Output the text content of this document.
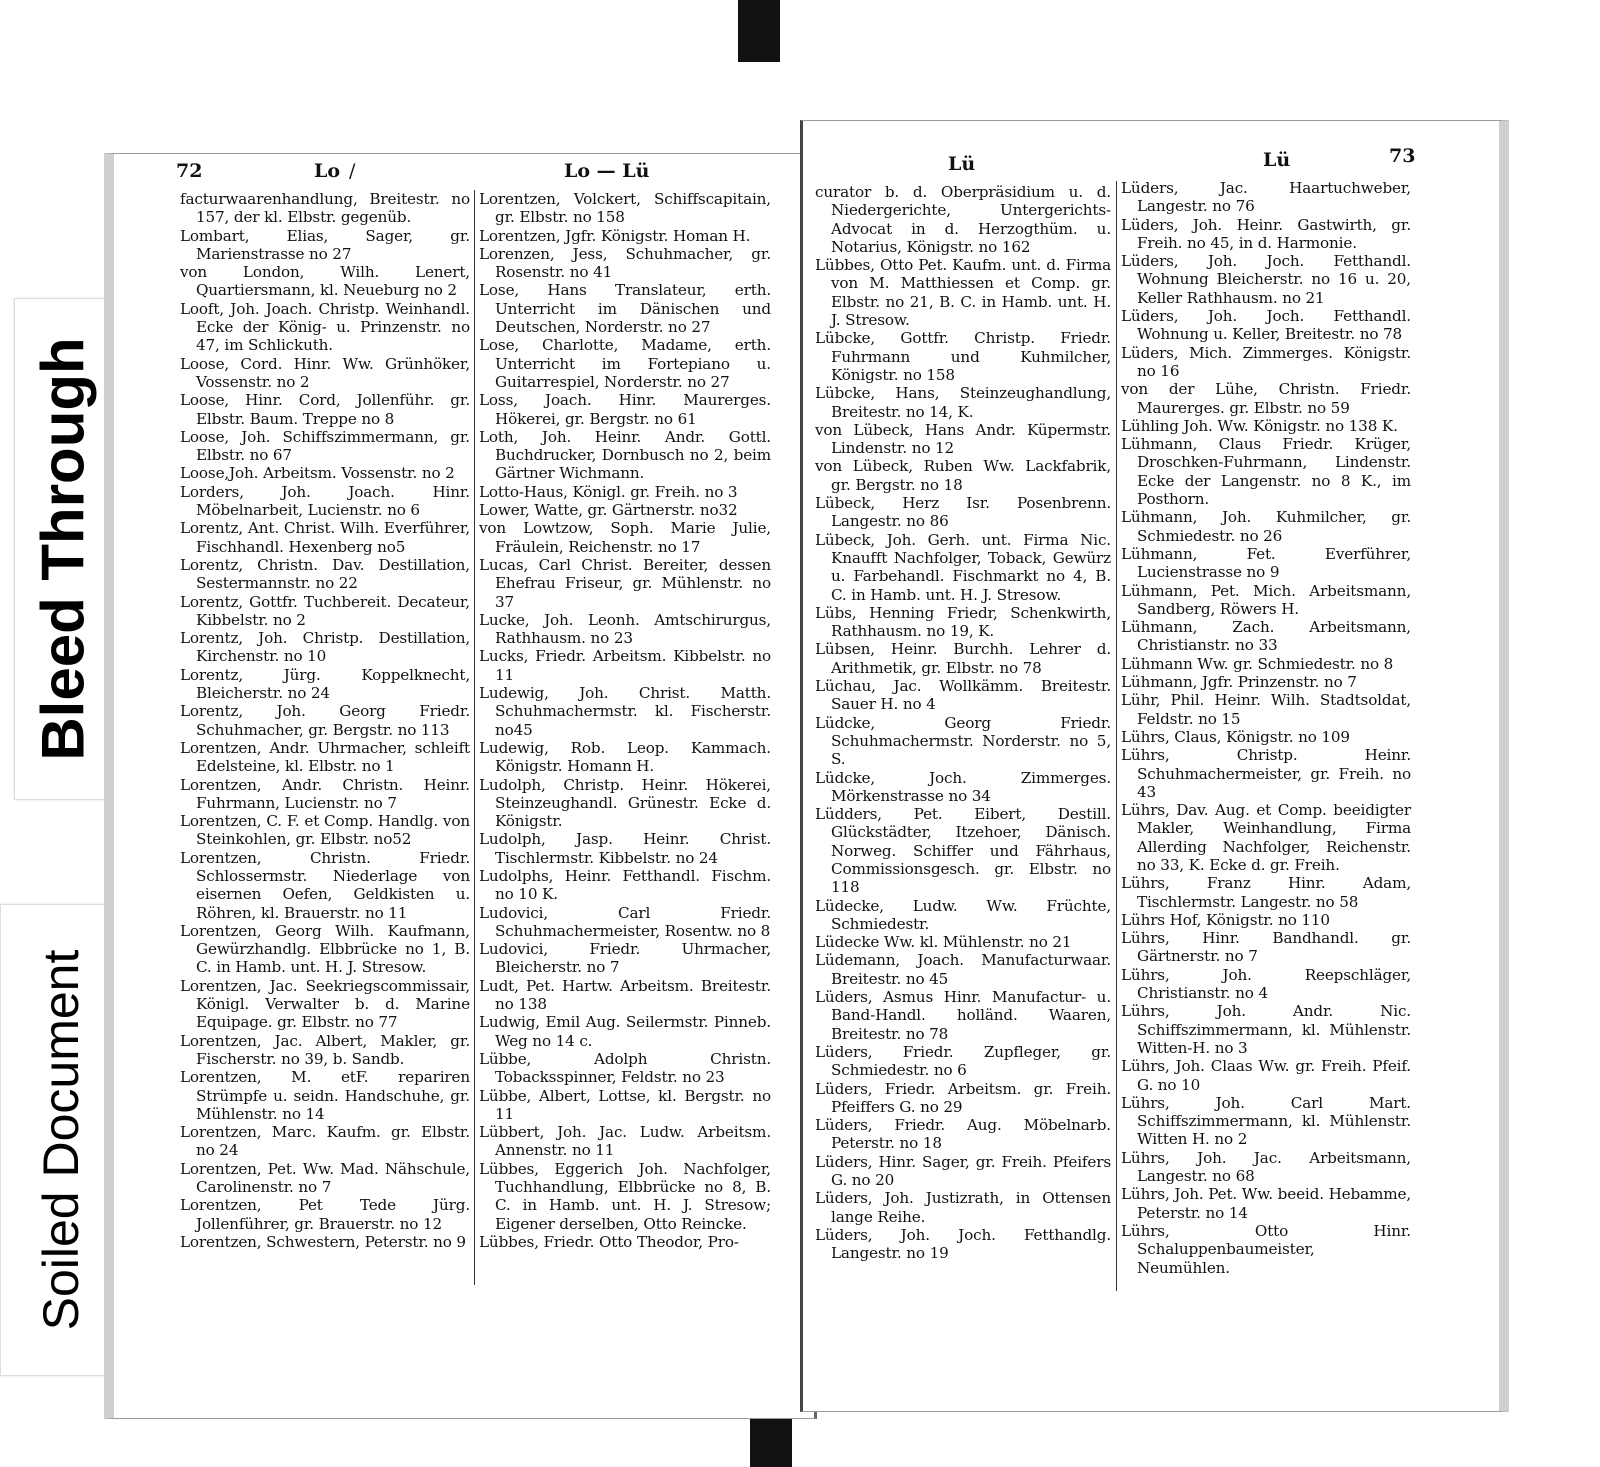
Bleed Through
Soiled Document
72	Lo /	Lo — Lü

facturwaarenhandlung, Breitestr. no 157, der kl. Elbstr. gegenüb.

Lombart, Elias, Sager, gr. Marienstrasse no 27

von London, Wilh. Lenert, Quartiersmann, kl. Neueburg no 2

Looft, Joh. Joach. Christp. Weinhandl. Ecke der König- u. Prinzenstr. no 47, im Schlickuth.

Loose, Cord. Hinr. Ww. Grünhöker, Vossenstr. no 2

Loose, Hinr. Cord, Jollenführ. gr. Elbstr. Baum. Treppe no 8

Loose, Joh. Schiffszimmermann, gr. Elbstr. no 67

Loose,Joh. Arbeitsm. Vossenstr. no 2

Lorders, Joh. Joach. Hinr. Möbelnarbeit, Lucienstr. no 6

Lorentz, Ant. Christ. Wilh. Everführer, Fischhandl. Hexenberg no5

Lorentz, Christn. Dav. Destillation, Sestermannstr. no 22

Lorentz, Gottfr. Tuchbereit. Decateur, Kibbelstr. no 2

Lorentz, Joh. Christp. Destillation, Kirchenstr. no 10

Lorentz, Jürg. Koppelknecht, Bleicherstr. no 24

Lorentz, Joh. Georg Friedr. Schuhmacher, gr. Bergstr. no 113

Lorentzen, Andr. Uhrmacher, schleift Edelsteine, kl. Elbstr. no 1

Lorentzen, Andr. Christn. Heinr. Fuhrmann, Lucienstr. no 7

Lorentzen, C. F. et Comp. Handlg. von Steinkohlen, gr. Elbstr. no52

Lorentzen, Christn. Friedr. Schlossermstr. Niederlage von eisernen Oefen, Geldkisten u. Röhren, kl. Brauerstr. no 11

Lorentzen, Georg Wilh. Kaufmann, Gewürzhandlg. Elbbrücke no 1, B. C. in Hamb. unt. H. J. Stresow.

Lorentzen, Jac. Seekriegscommissair, Königl. Verwalter b. d. Marine Equipage. gr. Elbstr. no 77

Lorentzen, Jac. Albert, Makler, gr. Fischerstr. no 39, b. Sandb.

Lorentzen, M. etF. repariren Strümpfe u. seidn. Handschuhe, gr. Mühlenstr. no 14

Lorentzen, Marc. Kaufm. gr. Elbstr. no 24

Lorentzen, Pet. Ww. Mad. Nähschule, Carolinenstr. no 7

Lorentzen, Pet Tede Jürg. Jollenführer, gr. Brauerstr. no 12

Lorentzen, Schwestern, Peterstr. no 9

Lorentzen, Volckert, Schiffscapitain, gr. Elbstr. no 158

Lorentzen, Jgfr. Königstr. Homan H.

Lorenzen, Jess, Schuhmacher, gr. Rosenstr. no 41

Lose, Hans Translateur, erth. Unterricht im Dänischen und Deutschen, Norderstr. no 27

Lose, Charlotte, Madame, erth. Unterricht im Fortepiano u. Guitarrespiel, Norderstr. no 27

Loss, Joach. Hinr. Maurerges. Hökerei, gr. Bergstr. no 61

Loth, Joh. Heinr. Andr. Gottl. Buchdrucker, Dornbusch no 2, beim Gärtner Wichmann.

Lotto-Haus, Königl. gr. Freih. no 3

Lower, Watte, gr. Gärtnerstr. no32

von Lowtzow, Soph. Marie Julie, Fräulein, Reichenstr. no 17

Lucas, Carl Christ. Bereiter, dessen Ehefrau Friseur, gr. Mühlenstr. no 37

Lucke, Joh. Leonh. Amtschirurgus, Rathhausm. no 23

Lucks, Friedr. Arbeitsm. Kibbelstr. no 11

Ludewig, Joh. Christ. Matth. Schuhmachermstr. kl. Fischerstr. no45

Ludewig, Rob. Leop. Kammach. Königstr. Homann H.

Ludolph, Christp. Heinr. Hökerei, Steinzeughandl. Grünestr. Ecke d. Königstr.

Ludolph, Jasp. Heinr. Christ. Tischlermstr. Kibbelstr. no 24

Ludolphs, Heinr. Fetthandl. Fischm. no 10 K.

Ludovici, Carl Friedr. Schuhmachermeister, Rosentw. no 8

Ludovici, Friedr. Uhrmacher, Bleicherstr. no 7

Ludt, Pet. Hartw. Arbeitsm. Breitestr. no 138

Ludwig, Emil Aug. Seilermstr. Pinneb. Weg no 14 c.

Lübbe, Adolph Christn. Tobacksspinner, Feldstr. no 23

Lübbe, Albert, Lottse, kl. Bergstr. no 11

Lübbert, Joh. Jac. Ludw. Arbeitsm. Annenstr. no 11

Lübbes, Eggerich Joh. Nachfolger, Tuchhandlung, Elbbrücke no 8, B. C. in Hamb. unt. H. J. Stresow; Eigener derselben, Otto Reincke.

Lübbes, Friedr. Otto Theodor, Pro-

Lü	Lü	73

curator b. d. Oberpräsidium u. d. Niedergerichte, Untergerichts-Advocat in d. Herzogthüm. u. Notarius, Königstr. no 162

Lübbes, Otto Pet. Kaufm. unt. d. Firma von M. Matthiessen et Comp. gr. Elbstr. no 21, B. C. in Hamb. unt. H. J. Stresow.

Lübcke, Gottfr. Christp. Friedr. Fuhrmann und Kuhmilcher, Königstr. no 158

Lübcke, Hans, Steinzeughandlung, Breitestr. no 14, K.

von Lübeck, Hans Andr. Küpermstr. Lindenstr. no 12

von Lübeck, Ruben Ww. Lackfabrik, gr. Bergstr. no 18

Lübeck, Herz Isr. Posenbrenn. Langestr. no 86

Lübeck, Joh. Gerh. unt. Firma Nic. Knaufft Nachfolger, Toback, Gewürz u. Farbehandl. Fischmarkt no 4, B. C. in Hamb. unt. H. J. Stresow.

Lübs, Henning Friedr, Schenkwirth, Rathhausm. no 19, K.

Lübsen, Heinr. Burchh. Lehrer d. Arithmetik, gr. Elbstr. no 78

Lüchau, Jac. Wollkämm. Breitestr. Sauer H. no 4

Lüdcke, Georg Friedr. Schuhmachermstr. Norderstr. no 5, S.

Lüdcke, Joch. Zimmerges. Mörkenstrasse no 34

Lüdders, Pet. Eibert, Destill. Glückstädter, Itzehoer, Dänisch. Norweg. Schiffer und Fährhaus, Commissionsgesch. gr. Elbstr. no 118

Lüdecke, Ludw. Ww. Früchte, Schmiedestr.

Lüdecke Ww. kl. Mühlenstr. no 21

Lüdemann, Joach. Manufacturwaar. Breitestr. no 45

Lüders, Asmus Hinr. Manufactur- u. Band-Handl. holländ. Waaren, Breitestr. no 78

Lüders, Friedr. Zupfleger, gr. Schmiedestr. no 6

Lüders, Friedr. Arbeitsm. gr. Freih. Pfeiffers G. no 29

Lüders, Friedr. Aug. Möbelnarb. Peterstr. no 18

Lüders, Hinr. Sager, gr. Freih. Pfeifers G. no 20

Lüders, Joh. Justizrath, in Ottensen lange Reihe.

Lüders, Joh. Joch. Fetthandlg. Langestr. no 19

Lüders, Jac. Haartuchweber, Langestr. no 76

Lüders, Joh. Heinr. Gastwirth, gr. Freih. no 45, in d. Harmonie.

Lüders, Joh. Joch. Fetthandl. Wohnung Bleicherstr. no 16 u. 20, Keller Rathhausm. no 21

Lüders, Joh. Joch. Fetthandl. Wohnung u. Keller, Breitestr. no 78

Lüders, Mich. Zimmerges. Königstr. no 16

von der Lühe, Christn. Friedr. Maurerges. gr. Elbstr. no 59

Lühling Joh. Ww. Königstr. no 138 K.

Lühmann, Claus Friedr. Krüger, Droschken-Fuhrmann, Lindenstr. Ecke der Langenstr. no 8 K., im Posthorn.

Lühmann, Joh. Kuhmilcher, gr. Schmiedestr. no 26

Lühmann, Fet. Everführer, Lucienstrasse no 9

Lühmann, Pet. Mich. Arbeitsmann, Sandberg, Röwers H.

Lühmann, Zach. Arbeitsmann, Christianstr. no 33

Lühmann Ww. gr. Schmiedestr. no 8

Lühmann, Jgfr. Prinzenstr. no 7

Lühr, Phil. Heinr. Wilh. Stadtsoldat, Feldstr. no 15

Lührs, Claus, Königstr. no 109

Lührs, Christp. Heinr. Schuhmachermeister, gr. Freih. no 43

Lührs, Dav. Aug. et Comp. beeidigter Makler, Weinhandlung, Firma Allerding Nachfolger, Reichenstr. no 33, K. Ecke d. gr. Freih.

Lührs, Franz Hinr. Adam, Tischlermstr. Langestr. no 58

Lührs Hof, Königstr. no 110

Lührs, Hinr. Bandhandl. gr. Gärtnerstr. no 7

Lührs, Joh. Reepschläger, Christianstr. no 4

Lührs, Joh. Andr. Nic. Schiffszimmermann, kl. Mühlenstr. Witten-H. no 3

Lührs, Joh. Claas Ww. gr. Freih. Pfeif. G. no 10

Lührs, Joh. Carl Mart. Schiffszimmermann, kl. Mühlenstr. Witten H. no 2

Lührs, Joh. Jac. Arbeitsmann, Langestr. no 68

Lührs, Joh. Pet. Ww. beeid. Hebamme, Peterstr. no 14

Lührs, Otto Hinr. Schaluppenbaumeister, Neumühlen.
